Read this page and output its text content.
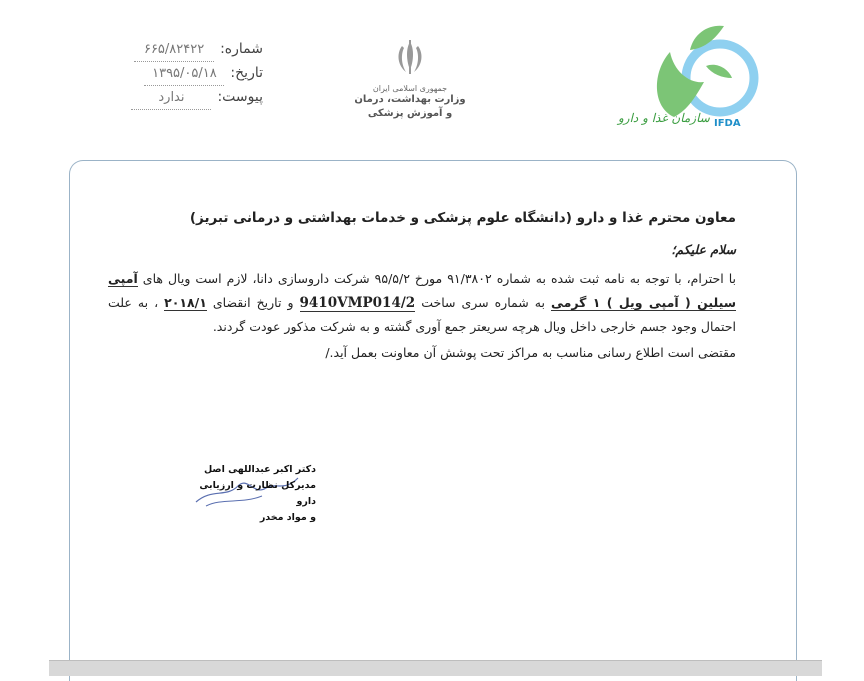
شماره:
۶۶۵/۸۲۴۲۲
تاریخ:
۱۳۹۵/۰۵/۱۸
پیوست:
ندارد
جمهوری اسلامی ایران
وزارت بهداشت، درمان
و آموزش پزشکی	سازمان غذا و دارو IFDA
معاون محترم غذا و دارو (دانشگاه علوم پزشکی و خدمات بهداشتی و درمانی تبریز)
سلام علیکم؛
با احترام، با توجه به نامه ثبت شده به شماره ۹۱/۳۸۰۲ مورخ ۹۵/۵/۲ شرکت داروسازی دانا، لازم است ویال های آمپی سیلین ( آمپی ویل ) ۱ گرمی به شماره سری ساخت 9410VMP014/2 و تاریخ انقضای ۲۰۱۸/۱ ، به علت احتمال وجود جسم خارجی داخل ویال هرچه سریعتر جمع آوری گشته و به شرکت مذکور عودت گردند.
مقتضی است اطلاع رسانی مناسب به مراکز تحت پوشش آن معاونت بعمل آید./
دکتر اکبر عبداللهی اصل
مدیرکل نظارت و ارزیابی دارو
و مواد مخدر
